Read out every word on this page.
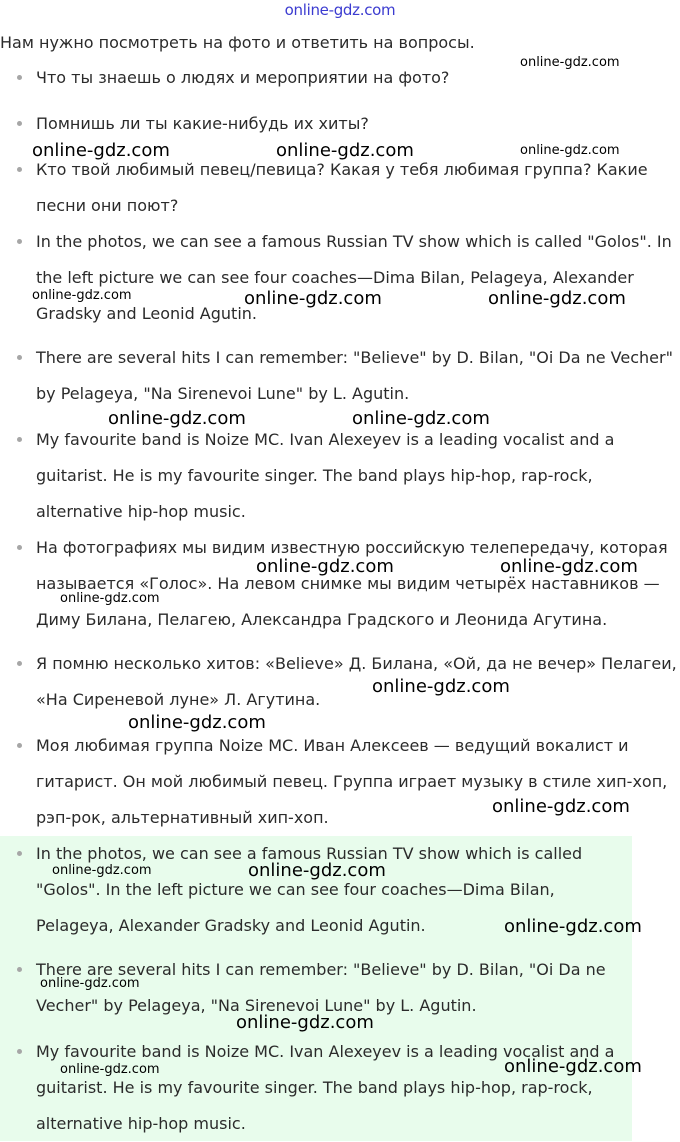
online-gdz.com
Нам нужно посмотреть на фото и ответить на вопросы.
Что ты знаешь о людях и мероприятии на фото?
Помнишь ли ты какие-нибудь их хиты?
Кто твой любимый певец/певица? Какая у тебя любимая группа? Какие
песни они поют?
In the photos, we can see a famous Russian TV show which is called "Golos". In
the left picture we can see four coaches—Dima Bilan, Pelageya, Alexander
Gradsky and Leonid Agutin.
There are several hits I can remember: "Believe" by D. Bilan, "Oi Da ne Vecher"
by Pelageya, "Na Sirenevoi Lune" by L. Agutin.
My favourite band is Noize MC. Ivan Alexeyev is a leading vocalist and a
guitarist. He is my favourite singer. The band plays hip-hop, rap-rock,
alternative hip-hop music.
На фотографиях мы видим известную российскую телепередачу, которая
называется «Голос». На левом снимке мы видим четырёх наставников —
Диму Билана, Пелагею, Александра Градского и Леонида Агутина.
Я помню несколько хитов: «Believe» Д. Билана, «Ой, да не вечер» Пелагеи,
«На Сиреневой луне» Л. Агутина.
Моя любимая группа Noize MC. Иван Алексеев — ведущий вокалист и
гитарист. Он мой любимый певец. Группа играет музыку в стиле хип-хоп,
рэп-рок, альтернативный хип-хоп.
In the photos, we can see a famous Russian TV show which is called
"Golos". In the left picture we can see four coaches—Dima Bilan,
Pelageya, Alexander Gradsky and Leonid Agutin.
There are several hits I can remember: "Believe" by D. Bilan, "Oi Da ne
Vecher" by Pelageya, "Na Sirenevoi Lune" by L. Agutin.
My favourite band is Noize MC. Ivan Alexeyev is a leading vocalist and a
guitarist. He is my favourite singer. The band plays hip-hop, rap-rock,
alternative hip-hop music.
online-gdz.com
online-gdz.com	online-gdz.com	online-gdz.com
online-gdz.com	online-gdz.com	online-gdz.com
online-gdz.com	online-gdz.com
online-gdz.com	online-gdz.com
online-gdz.com
online-gdz.com
online-gdz.com
online-gdz.com
online-gdz.com	online-gdz.com
online-gdz.com
online-gdz.com
online-gdz.com
online-gdz.com
online-gdz.com
